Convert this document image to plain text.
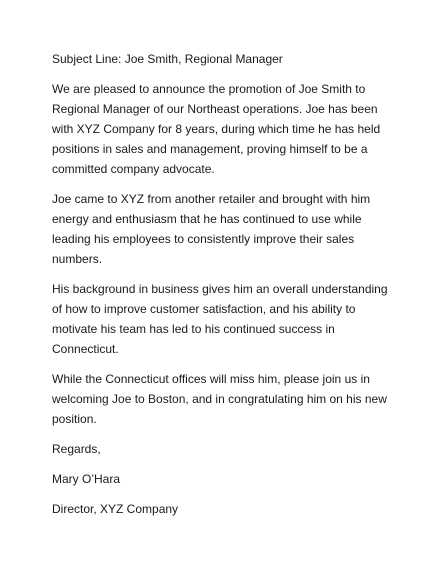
Subject Line: Joe Smith, Regional Manager

We are pleased to announce the promotion of Joe Smith to Regional Manager of our Northeast operations. Joe has been with XYZ Company for 8 years, during which time he has held positions in sales and management, proving himself to be a committed company advocate.

Joe came to XYZ from another retailer and brought with him energy and enthusiasm that he has continued to use while leading his employees to consistently improve their sales numbers.

His background in business gives him an overall understanding of how to improve customer satisfaction, and his ability to motivate his team has led to his continued success in Connecticut.

While the Connecticut offices will miss him, please join us in welcoming Joe to Boston, and in congratulating him on his new position.

Regards,

Mary O’Hara

Director, XYZ Company
